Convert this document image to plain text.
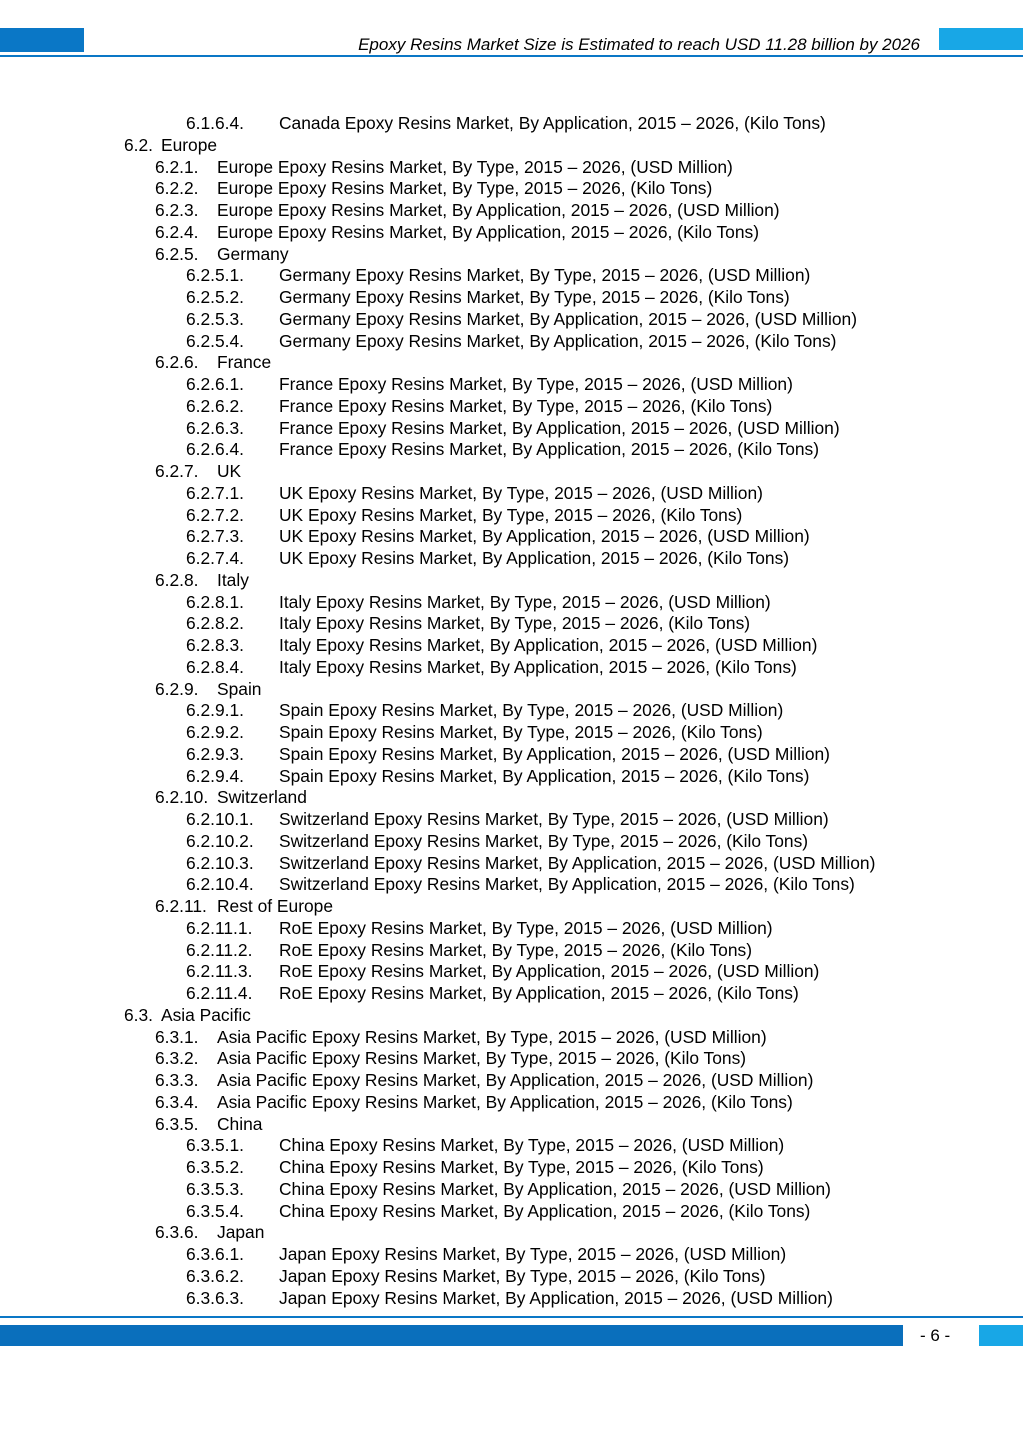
Epoxy Resins Market Size is Estimated to reach USD 11.28 billion by 2026
6.1.6.4. Canada Epoxy Resins Market, By Application, 2015 – 2026, (Kilo Tons)
6.2. Europe
6.2.1. Europe Epoxy Resins Market, By Type, 2015 – 2026, (USD Million)
6.2.2. Europe Epoxy Resins Market, By Type, 2015 – 2026, (Kilo Tons)
6.2.3. Europe Epoxy Resins Market, By Application, 2015 – 2026, (USD Million)
6.2.4. Europe Epoxy Resins Market, By Application, 2015 – 2026, (Kilo Tons)
6.2.5. Germany
6.2.5.1. Germany Epoxy Resins Market, By Type, 2015 – 2026, (USD Million)
6.2.5.2. Germany Epoxy Resins Market, By Type, 2015 – 2026, (Kilo Tons)
6.2.5.3. Germany Epoxy Resins Market, By Application, 2015 – 2026, (USD Million)
6.2.5.4. Germany Epoxy Resins Market, By Application, 2015 – 2026, (Kilo Tons)
6.2.6. France
6.2.6.1. France Epoxy Resins Market, By Type, 2015 – 2026, (USD Million)
6.2.6.2. France Epoxy Resins Market, By Type, 2015 – 2026, (Kilo Tons)
6.2.6.3. France Epoxy Resins Market, By Application, 2015 – 2026, (USD Million)
6.2.6.4. France Epoxy Resins Market, By Application, 2015 – 2026, (Kilo Tons)
6.2.7. UK
6.2.7.1. UK Epoxy Resins Market, By Type, 2015 – 2026, (USD Million)
6.2.7.2. UK Epoxy Resins Market, By Type, 2015 – 2026, (Kilo Tons)
6.2.7.3. UK Epoxy Resins Market, By Application, 2015 – 2026, (USD Million)
6.2.7.4. UK Epoxy Resins Market, By Application, 2015 – 2026, (Kilo Tons)
6.2.8. Italy
6.2.8.1. Italy Epoxy Resins Market, By Type, 2015 – 2026, (USD Million)
6.2.8.2. Italy Epoxy Resins Market, By Type, 2015 – 2026, (Kilo Tons)
6.2.8.3. Italy Epoxy Resins Market, By Application, 2015 – 2026, (USD Million)
6.2.8.4. Italy Epoxy Resins Market, By Application, 2015 – 2026, (Kilo Tons)
6.2.9. Spain
6.2.9.1. Spain Epoxy Resins Market, By Type, 2015 – 2026, (USD Million)
6.2.9.2. Spain Epoxy Resins Market, By Type, 2015 – 2026, (Kilo Tons)
6.2.9.3. Spain Epoxy Resins Market, By Application, 2015 – 2026, (USD Million)
6.2.9.4. Spain Epoxy Resins Market, By Application, 2015 – 2026, (Kilo Tons)
6.2.10. Switzerland
6.2.10.1. Switzerland Epoxy Resins Market, By Type, 2015 – 2026, (USD Million)
6.2.10.2. Switzerland Epoxy Resins Market, By Type, 2015 – 2026, (Kilo Tons)
6.2.10.3. Switzerland Epoxy Resins Market, By Application, 2015 – 2026, (USD Million)
6.2.10.4. Switzerland Epoxy Resins Market, By Application, 2015 – 2026, (Kilo Tons)
6.2.11. Rest of Europe
6.2.11.1. RoE Epoxy Resins Market, By Type, 2015 – 2026, (USD Million)
6.2.11.2. RoE Epoxy Resins Market, By Type, 2015 – 2026, (Kilo Tons)
6.2.11.3. RoE Epoxy Resins Market, By Application, 2015 – 2026, (USD Million)
6.2.11.4. RoE Epoxy Resins Market, By Application, 2015 – 2026, (Kilo Tons)
6.3. Asia Pacific
6.3.1. Asia Pacific Epoxy Resins Market, By Type, 2015 – 2026, (USD Million)
6.3.2. Asia Pacific Epoxy Resins Market, By Type, 2015 – 2026, (Kilo Tons)
6.3.3. Asia Pacific Epoxy Resins Market, By Application, 2015 – 2026, (USD Million)
6.3.4. Asia Pacific Epoxy Resins Market, By Application, 2015 – 2026, (Kilo Tons)
6.3.5. China
6.3.5.1. China Epoxy Resins Market, By Type, 2015 – 2026, (USD Million)
6.3.5.2. China Epoxy Resins Market, By Type, 2015 – 2026, (Kilo Tons)
6.3.5.3. China Epoxy Resins Market, By Application, 2015 – 2026, (USD Million)
6.3.5.4. China Epoxy Resins Market, By Application, 2015 – 2026, (Kilo Tons)
6.3.6. Japan
6.3.6.1. Japan Epoxy Resins Market, By Type, 2015 – 2026, (USD Million)
6.3.6.2. Japan Epoxy Resins Market, By Type, 2015 – 2026, (Kilo Tons)
6.3.6.3. Japan Epoxy Resins Market, By Application, 2015 – 2026, (USD Million)
- 6 -
